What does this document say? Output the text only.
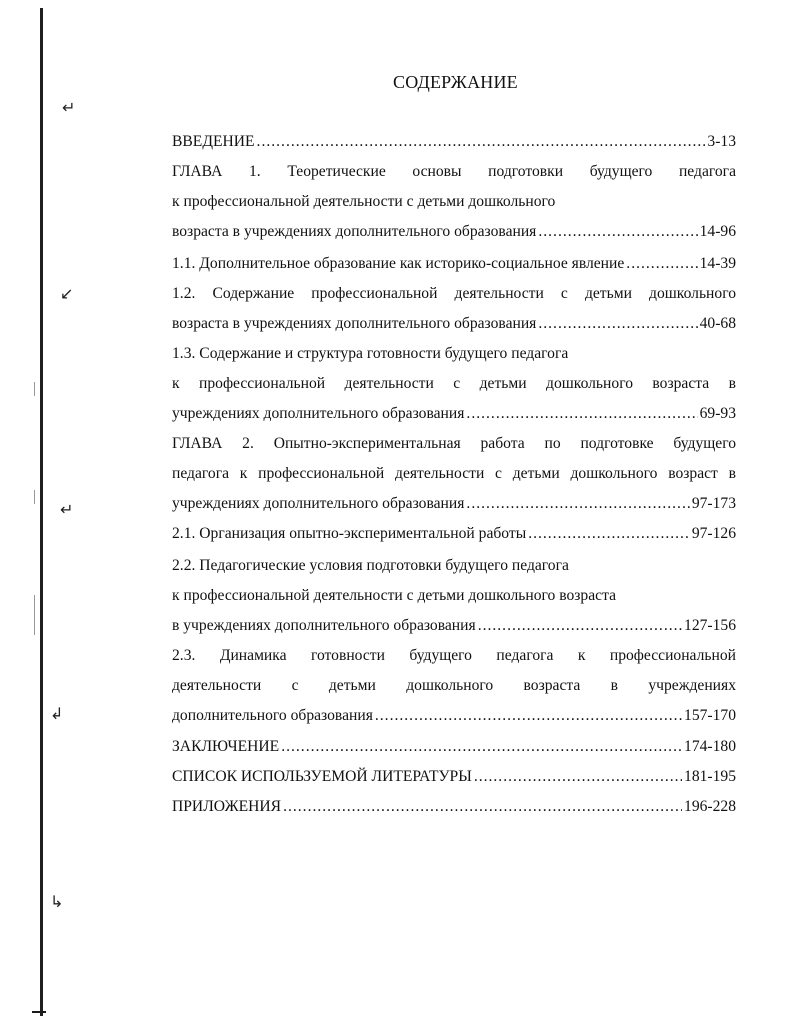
↵
↙
↵
↲
↳
СОДЕРЖАНИЕ
ВВЕДЕНИЕ .....	3-13
ГЛАВА 1. Теоретические основы подготовки будущего педагога
к профессиональной деятельности с детьми дошкольного
возраста в учреждениях дополнительного образования .....	14-96
1.1. Дополнительное образование как историко-социальное явление .....	14-39
1.2. Содержание профессиональной деятельности с детьми дошкольного
возраста в учреждениях дополнительного образования .....	40-68
1.3. Содержание и структура готовности будущего педагога
к профессиональной деятельности с детьми дошкольного возраста в
учреждениях дополнительного образования .....	69-93
ГЛАВА 2. Опытно-экспериментальная работа по подготовке будущего
педагога к профессиональной деятельности с детьми дошкольного возраст в
учреждениях дополнительного образования .....	97-173
2.1. Организация опытно-экспериментальной работы .....	97-126
2.2. Педагогические условия подготовки будущего педагога
к профессиональной деятельности с детьми дошкольного возраста
в учреждениях дополнительного образования .....	127-156
2.3. Динамика готовности будущего педагога к профессиональной
деятельности с детьми дошкольного возраста в учреждениях
дополнительного образования .....	157-170
ЗАКЛЮЧЕНИЕ .....	174-180
СПИСОК ИСПОЛЬЗУЕМОЙ ЛИТЕРАТУРЫ .....	181-195
ПРИЛОЖЕНИЯ .....	196-228
